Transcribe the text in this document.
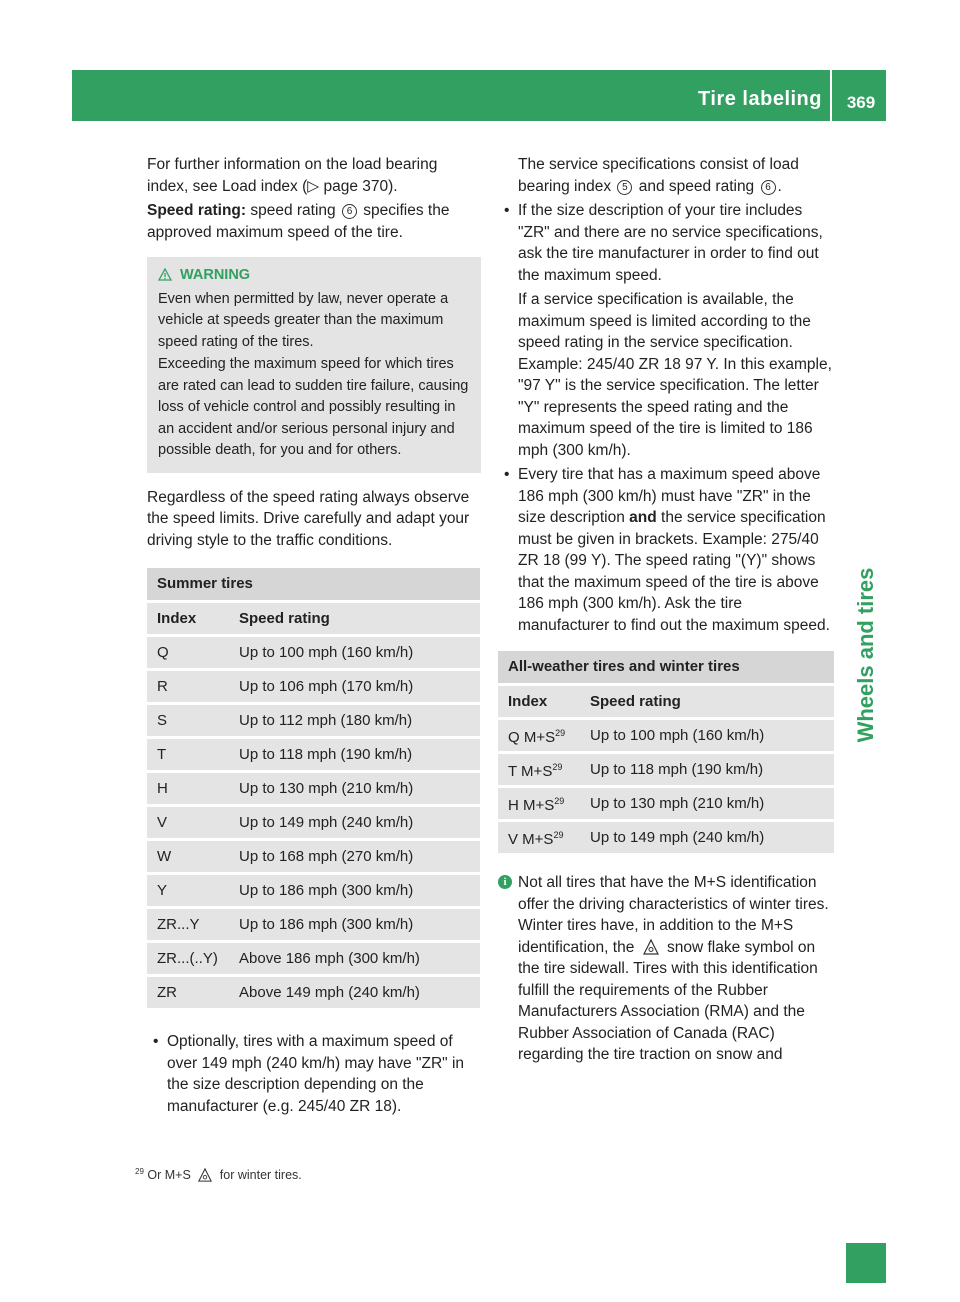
Tire labeling	369
Wheels and tires

For further information on the load bearing index, see Load index (▷ page 370).

Speed rating: speed rating 6 specifies the approved maximum speed of the tire.

WARNING

Even when permitted by law, never operate a vehicle at speeds greater than the maximum speed rating of the tires.

Exceeding the maximum speed for which tires are rated can lead to sudden tire failure, causing loss of vehicle control and possibly resulting in an accident and/or serious personal injury and possible death, for you and for others.

Regardless of the speed rating always observe the speed limits. Drive carefully and adapt your driving style to the traffic conditions.

Summer tires	
Index	Speed rating
Q	Up to 100 mph (160 km/h)
R	Up to 106 mph (170 km/h)
S	Up to 112 mph (180 km/h)
T	Up to 118 mph (190 km/h)
H	Up to 130 mph (210 km/h)
V	Up to 149 mph (240 km/h)
W	Up to 168 mph (270 km/h)
Y	Up to 186 mph (300 km/h)
ZR...Y	Up to 186 mph (300 km/h)
ZR...(..Y)	Above 186 mph (300 km/h)
ZR	Above 149 mph (240 km/h)
• Optionally, tires with a maximum speed of over 149 mph (240 km/h) may have "ZR" in the size description depending on the manufacturer (e.g. 245/40 ZR 18).

The service specifications consist of load bearing index 5 and speed rating 6 .

• If the size description of your tire includes "ZR" and there are no service specifications, ask the tire manufacturer in order to find out the maximum speed.
If a service specification is available, the maximum speed is limited according to the speed rating in the service specification. Example: 245/40 ZR 18 97 Y. In this example, "97 Y" is the service specification. The letter "Y" represents the speed rating and the maximum speed of the tire is limited to 186 mph (300 km/h).
• Every tire that has a maximum speed above 186 mph (300 km/h) must have "ZR" in the size description and the service specification must be given in brackets. Example: 275/40 ZR 18 (99 Y). The speed rating "(Y)" shows that the maximum speed of the tire is above 186 mph (300 km/h). Ask the tire manufacturer to find out the maximum speed.
All-weather tires and winter tires	
Index	Speed rating
Q $M+S^{29}$	Up to 100 mph (160 km/h)
T $M+S^{29}$	Up to 118 mph (190 km/h)
H $M+S^{29}$	Up to 130 mph (210 km/h)
V $M+S^{29}$	Up to 149 mph (240 km/h)
i Not all tires that have the M+S identification offer the driving characteristics of winter tires. Winter tires have, in addition to the M+S identification, the snow flake symbol on the tire sidewall. Tires with this identification fulfill the requirements of the Rubber Manufacturers Association (RMA) and the Rubber Association of Canada (RAC) regarding the tire traction on snow and
$^{29}$ Or M+S for winter tires.
